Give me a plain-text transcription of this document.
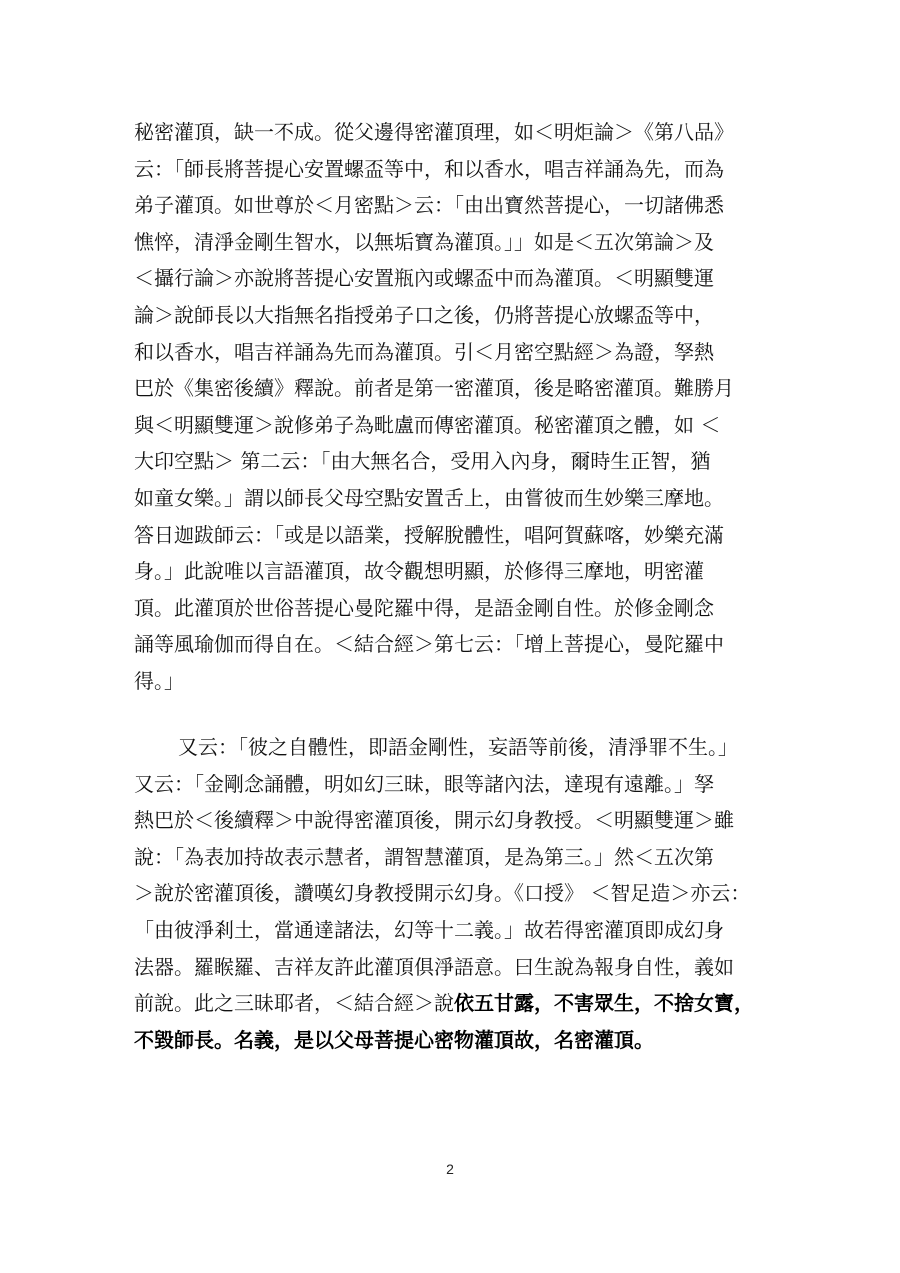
秘密灌頂，缺一不成。從父邊得密灌頂理，如＜明炬論＞《第八品》
云：「師長將菩提心安置螺盃等中，和以香水，唱吉祥誦為先，而為
弟子灌頂。如世尊於＜月密點＞云：「由出寶然菩提心，一切諸佛悉
憔悴，清淨金剛生智水，以無垢寶為灌頂。」」如是＜五次第論＞及
＜攝行論＞亦說將菩提心安置瓶內或螺盃中而為灌頂。＜明顯雙運
論＞說師長以大指無名指授弟子口之後，仍將菩提心放螺盃等中，
和以香水，唱吉祥誦為先而為灌頂。引＜月密空點經＞為證，孥熱
巴於《集密後續》釋說。前者是第一密灌頂，後是略密灌頂。難勝月
與＜明顯雙運＞說修弟子為毗盧而傳密灌頂。秘密灌頂之體，如 ＜
大印空點＞ 第二云：「由大無名合，受用入內身，爾時生正智，猶
如童女樂。」謂以師長父母空點安置舌上，由嘗彼而生妙樂三摩地。
答日迦跋師云：「或是以語業，授解脫體性，唱阿賀蘇喀，妙樂充滿
身。」此說唯以言語灌頂，故令觀想明顯，於修得三摩地，明密灌
頂。此灌頂於世俗菩提心曼陀羅中得，是語金剛自性。於修金剛念
誦等風瑜伽而得自在。＜結合經＞第七云：「增上菩提心，曼陀羅中
得。」
又云：「彼之自體性，即語金剛性，妄語等前後，清淨罪不生。」
又云：「金剛念誦體，明如幻三昧，眼等諸內法，達現有遠離。」孥
熱巴於＜後續釋＞中說得密灌頂後，開示幻身教授。＜明顯雙運＞雖
說：「為表加持故表示慧者，謂智慧灌頂，是為第三。」然＜五次第
＞說於密灌頂後，讚嘆幻身教授開示幻身。《口授》 ＜智足造＞亦云：
「由彼淨剎土，當通達諸法，幻等十二義。」故若得密灌頂即成幻身
法器。羅睺羅、吉祥友許此灌頂俱淨語意。曰生說為報身自性，義如
前說。此之三昧耶者，＜結合經＞說依五甘露，不害眾生，不捨女寶，
不毀師長。名義，是以父母菩提心密物灌頂故，名密灌頂。
2
